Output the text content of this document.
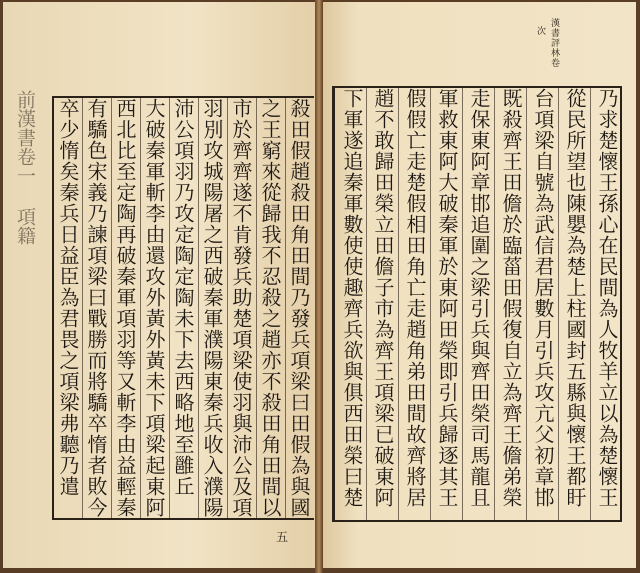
前漢書卷一 項籍
漢書評林卷
次
殺田假趙殺田角田間乃發兵項梁曰田假為與國
之王窮來從歸我不忍殺之趙亦不殺田角田間以
市於齊齊遂不肯發兵助楚項梁使羽與沛公及項
羽別攻城陽屠之西破秦軍濮陽東秦兵收入濮陽
沛公項羽乃攻定陶定陶未下去西略地至雝丘
大破秦軍斬李由還攻外黃外黃未下項梁起東阿
西北比至定陶再破秦軍項羽等又斬李由益輕秦
有驕色宋義乃諫項梁曰戰勝而將驕卒惰者敗今
卒少惰矣秦兵日益臣為君畏之項梁弗聽乃遣
五
乃求楚懷王孫心在民間為人牧羊立以為楚懷王
從民所望也陳嬰為楚上柱國封五縣與懷王都盱
台項梁自號為武信君居數月引兵攻亢父初章邯
既殺齊王田儋於臨菑田假復自立為齊王儋弟榮
走保東阿章邯追圍之梁引兵與齊田榮司馬龍且
軍救東阿大破秦軍於東阿田榮即引兵歸逐其王
假假亡走楚假相田角亡走趙角弟田間故齊將居
趙不敢歸田榮立田儋子市為齊王項梁已破東阿
下軍遂追秦軍數使使趣齊兵欲與俱西田榮曰楚
